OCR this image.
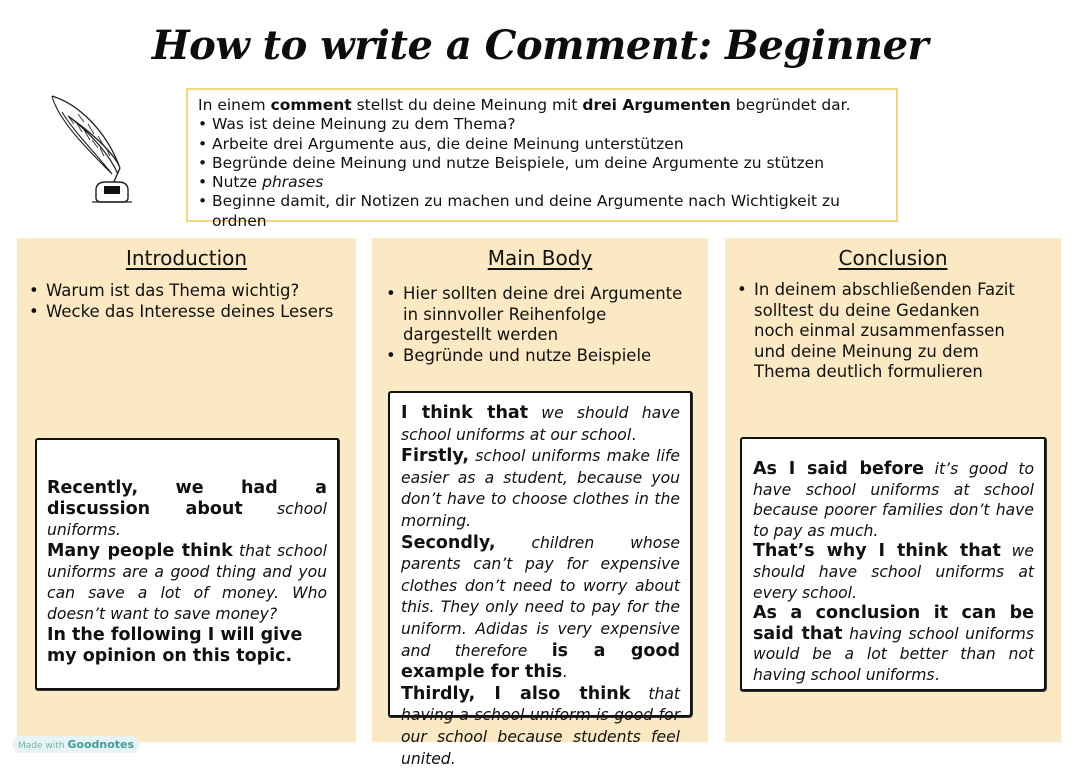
How to write a Comment: Beginner
In einem comment stellst du deine Meinung mit drei Argumenten begründet dar.
• Was ist deine Meinung zu dem Thema?
• Arbeite drei Argumente aus, die deine Meinung unterstützen
• Begründe deine Meinung und nutze Beispiele, um deine Argumente zu stützen
• Nutze phrases
• Beginne damit, dir Notizen zu machen und deine Argumente nach Wichtigkeit zu ordnen
Introduction
• Warum ist das Thema wichtig?
• Wecke das Interesse deines Lesers
Main Body
• Hier sollten deine drei Argumente in sinnvoller Reihenfolge dargestellt werden
• Begründe und nutze Beispiele
Conclusion
• In deinem abschließenden Fazit solltest du deine Gedanken noch einmal zusammenfassen und deine Meinung zu dem Thema deutlich formulieren
Recently, we had a discussion about school uniforms.
Many people think that school uniforms are a good thing and you can save a lot of money. Who doesn’t want to save money?
In the following I will give my opinion on this topic.
I think that we should have school uniforms at our school.
Firstly, school uniforms make life easier as a student, because you don’t have to choose clothes in the morning.
Secondly, children whose parents can’t pay for expensive clothes don’t need to worry about this. They only need to pay for the uniform. Adidas is very expensive and therefore is a good example for this.
Thirdly, I also think that having a school uniform is good for our school because students feel united.
As I said before it’s good to have school uniforms at school because poorer families don’t have to pay as much.
That’s why I think that we should have school uniforms at every school.
As a conclusion it can be said that having school uniforms would be a lot better than not having school uniforms.
Made with Goodnotes
